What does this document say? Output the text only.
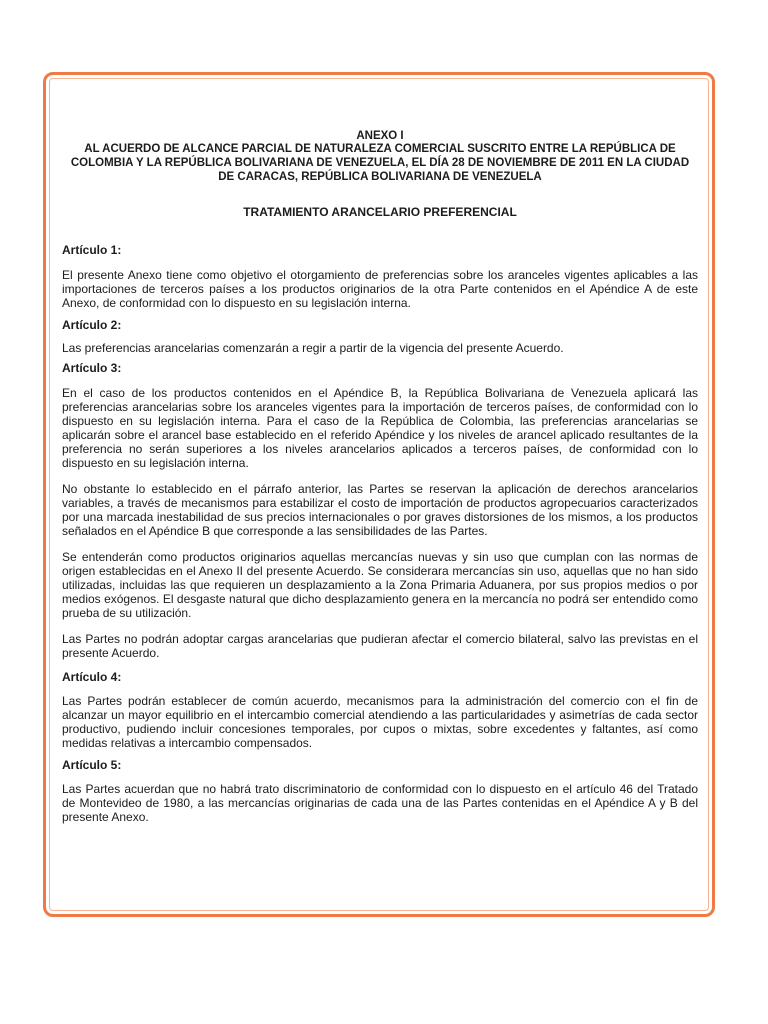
ANEXO I

AL ACUERDO DE ALCANCE PARCIAL DE NATURALEZA COMERCIAL SUSCRITO ENTRE LA REPÚBLICA DE COLOMBIA Y LA REPÚBLICA BOLIVARIANA DE VENEZUELA, EL DÍA 28 DE NOVIEMBRE DE 2011 EN LA CIUDAD DE CARACAS, REPÚBLICA BOLIVARIANA DE VENEZUELA

TRATAMIENTO ARANCELARIO PREFERENCIAL

Artículo 1:

El presente Anexo tiene como objetivo el otorgamiento de preferencias sobre los aranceles vigentes aplicables a las importaciones de terceros países a los productos originarios de la otra Parte contenidos en el Apéndice A de este Anexo, de conformidad con lo dispuesto en su legislación interna.

Artículo 2:

Las preferencias arancelarias comenzarán a regir a partir de la vigencia del presente Acuerdo.

Artículo 3:

En el caso de los productos contenidos en el Apéndice B, la República Bolivariana de Venezuela aplicará las preferencias arancelarias sobre los aranceles vigentes para la importación de terceros países, de conformidad con lo dispuesto en su legislación interna. Para el caso de la República de Colombia, las preferencias arancelarias se aplicarán sobre el arancel base establecido en el referido Apéndice y los niveles de arancel aplicado resultantes de la preferencia no serán superiores a los niveles arancelarios aplicados a terceros países, de conformidad con lo dispuesto en su legislación interna.

No obstante lo establecido en el párrafo anterior, las Partes se reservan la aplicación de derechos arancelarios variables, a través de mecanismos para estabilizar el costo de importación de productos agropecuarios caracterizados por una marcada inestabilidad de sus precios internacionales o por graves distorsiones de los mismos, a los productos señalados en el Apéndice B que corresponde a las sensibilidades de las Partes.

Se entenderán como productos originarios aquellas mercancías nuevas y sin uso que cumplan con las normas de origen establecidas en el Anexo II del presente Acuerdo. Se considerara mercancías sin uso, aquellas que no han sido utilizadas, incluidas las que requieren un desplazamiento a la Zona Primaria Aduanera, por sus propios medios o por medios exógenos. El desgaste natural que dicho desplazamiento genera en la mercancía no podrá ser entendido como prueba de su utilización.

Las Partes no podrán adoptar cargas arancelarias que pudieran afectar el comercio bilateral, salvo las previstas en el presente Acuerdo.

Artículo 4:

Las Partes podrán establecer de común acuerdo, mecanismos para la administración del comercio con el fin de alcanzar un mayor equilibrio en el intercambio comercial atendiendo a las particularidades y asimetrías de cada sector productivo, pudiendo incluir concesiones temporales, por cupos o mixtas, sobre excedentes y faltantes, así como medidas relativas a intercambio compensados.

Artículo 5:

Las Partes acuerdan que no habrá trato discriminatorio de conformidad con lo dispuesto en el artículo 46 del Tratado de Montevideo de 1980, a las mercancías originarias de cada una de las Partes contenidas en el Apéndice A y B del presente Anexo.
